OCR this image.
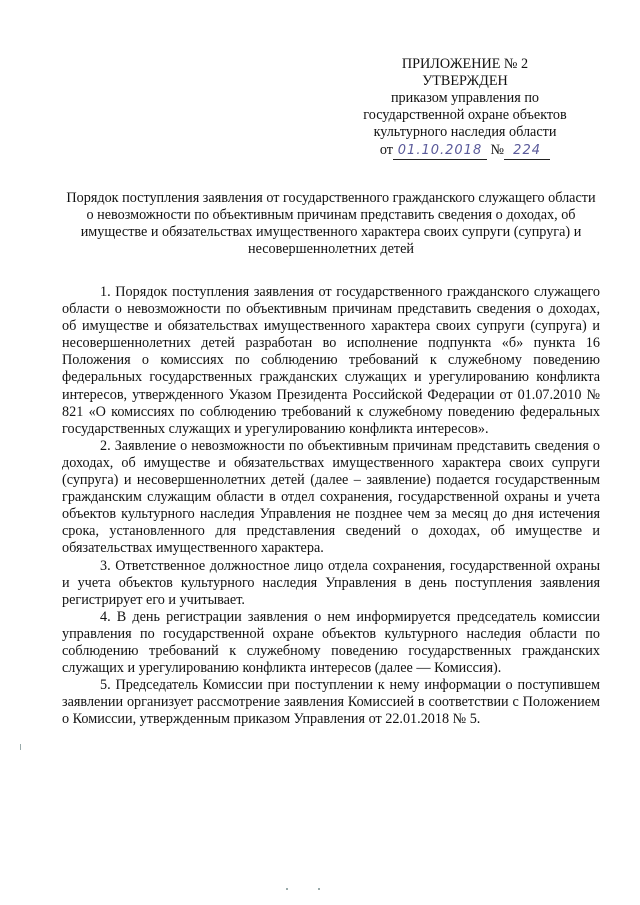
ПРИЛОЖЕНИЕ № 2
УТВЕРЖДЕН
приказом управления по
государственной охране объектов
культурного наследия области
от 01.10.2018 № 224
Порядок поступления заявления от государственного гражданского служащего области о невозможности по объективным причинам представить сведения о доходах, об имуществе и обязательствах имущественного характера своих супруги (супруга) и несовершеннолетних детей

1. Порядок поступления заявления от государственного гражданского служащего области о невозможности по объективным причинам представить сведения о доходах, об имуществе и обязательствах имущественного характера своих супруги (супруга) и несовершеннолетних детей разработан во исполнение подпункта «б» пункта 16 Положения о комиссиях по соблюдению требований к служебному поведению федеральных государственных гражданских служащих и урегулированию конфликта интересов, утвержденного Указом Президента Российской Федерации от 01.07.2010 № 821 «О комиссиях по соблюдению требований к служебному поведению федеральных государственных служащих и урегулированию конфликта интересов».

2. Заявление о невозможности по объективным причинам представить сведения о доходах, об имуществе и обязательствах имущественного характера своих супруги (супруга) и несовершеннолетних детей (далее – заявление) подается государственным гражданским служащим области в отдел сохранения, государственной охраны и учета объектов культурного наследия Управления не позднее чем за месяц до дня истечения срока, установленного для представления сведений о доходах, об имуществе и обязательствах имущественного характера.

3. Ответственное должностное лицо отдела сохранения, государственной охраны и учета объектов культурного наследия Управления в день поступления заявления регистрирует его и учитывает.

4. В день регистрации заявления о нем информируется председатель комиссии управления по государственной охране объектов культурного наследия области по соблюдению требований к служебному поведению государственных гражданских служащих и урегулированию конфликта интересов (далее — Комиссия).

5. Председатель Комиссии при поступлении к нему информации о поступившем заявлении организует рассмотрение заявления Комиссией в соответствии с Положением о Комиссии, утвержденным приказом Управления от 22.01.2018 № 5.
